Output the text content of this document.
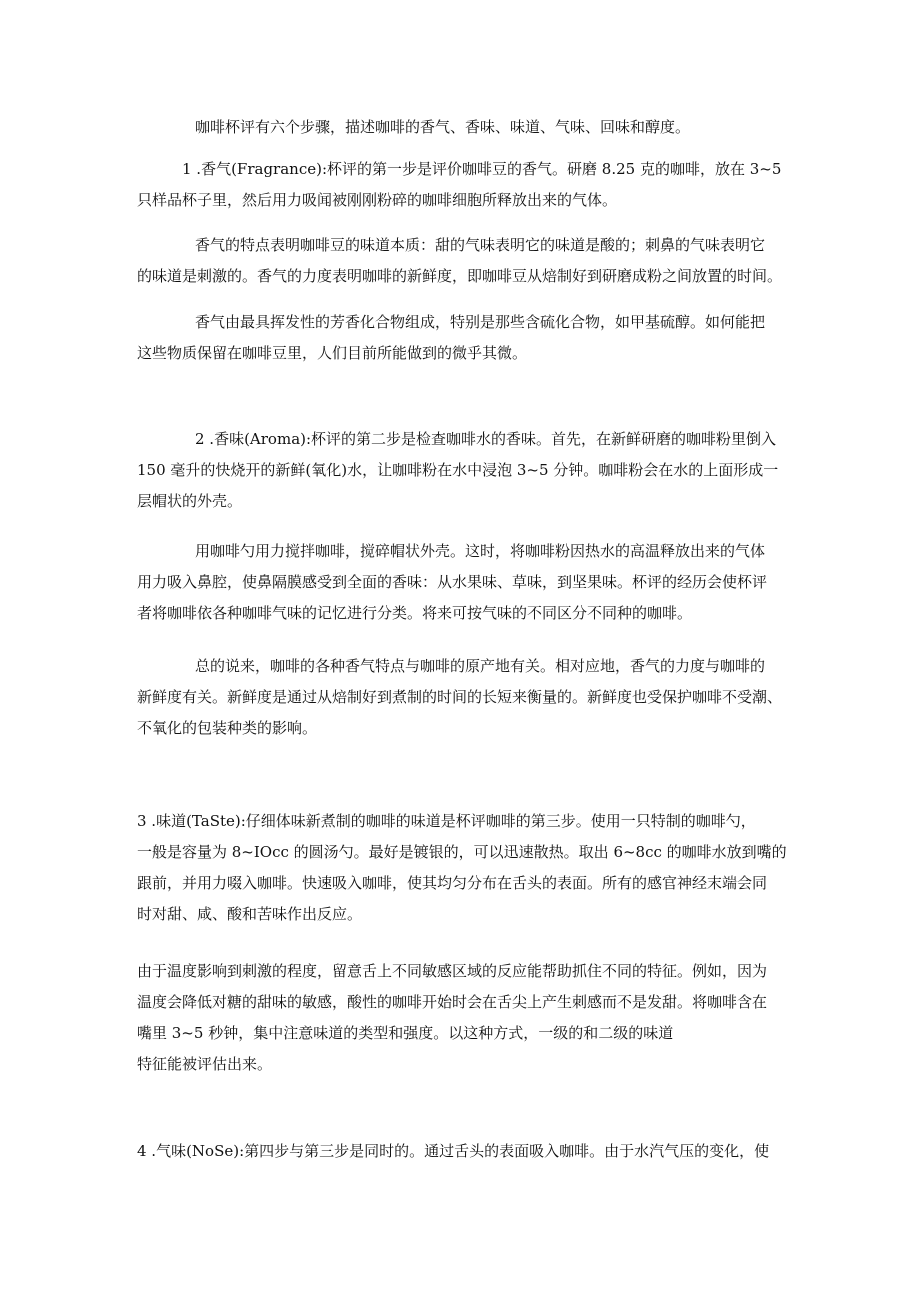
咖啡杯评有六个步骤，描述咖啡的香气、香味、味道、气味、回味和醇度。

1 .香气(Fragrance):杯评的第一步是评价咖啡豆的香气。研磨 8.25 克的咖啡，放在 3~5
只样品杯子里，然后用力吸闻被刚刚粉碎的咖啡细胞所释放出来的气体。

香气的特点表明咖啡豆的味道本质：甜的气味表明它的味道是酸的；刺鼻的气味表明它
的味道是刺激的。香气的力度表明咖啡的新鲜度，即咖啡豆从焙制好到研磨成粉之间放置的时间。

香气由最具挥发性的芳香化合物组成，特别是那些含硫化合物，如甲基硫醇。如何能把
这些物质保留在咖啡豆里，人们目前所能做到的微乎其微。

2 .香味(Aroma):杯评的第二步是检查咖啡水的香味。首先，在新鲜研磨的咖啡粉里倒入
150 毫升的快烧开的新鲜(氧化)水，让咖啡粉在水中浸泡 3~5 分钟。咖啡粉会在水的上面形成一
层帽状的外壳。

用咖啡勺用力搅拌咖啡，搅碎帽状外壳。这时，将咖啡粉因热水的高温释放出来的气体
用力吸入鼻腔，使鼻隔膜感受到全面的香味：从水果味、草味，到坚果味。杯评的经历会使杯评
者将咖啡依各种咖啡气味的记忆进行分类。将来可按气味的不同区分不同种的咖啡。

总的说来，咖啡的各种香气特点与咖啡的原产地有关。相对应地，香气的力度与咖啡的
新鲜度有关。新鲜度是通过从焙制好到煮制的时间的长短来衡量的。新鲜度也受保护咖啡不受潮、
不氧化的包装种类的影响。

3 .味道(TaSte):仔细体味新煮制的咖啡的味道是杯评咖啡的第三步。使用一只特制的咖啡勺，
一般是容量为 8~IOcc 的圆汤勺。最好是镀银的，可以迅速散热。取出 6~8cc 的咖啡水放到嘴的
跟前，并用力啜入咖啡。快速吸入咖啡，使其均匀分布在舌头的表面。所有的感官神经末端会同
时对甜、咸、酸和苦味作出反应。

由于温度影响到刺激的程度，留意舌上不同敏感区域的反应能帮助抓住不同的特征。例如，因为
温度会降低对糖的甜味的敏感，酸性的咖啡开始时会在舌尖上产生刺感而不是发甜。将咖啡含在
嘴里 3~5 秒钟，集中注意味道的类型和强度。以这种方式，一级的和二级的味道
特征能被评估出来。

4 .气味(NoSe):第四步与第三步是同时的。通过舌头的表面吸入咖啡。由于水汽气压的变化，使
